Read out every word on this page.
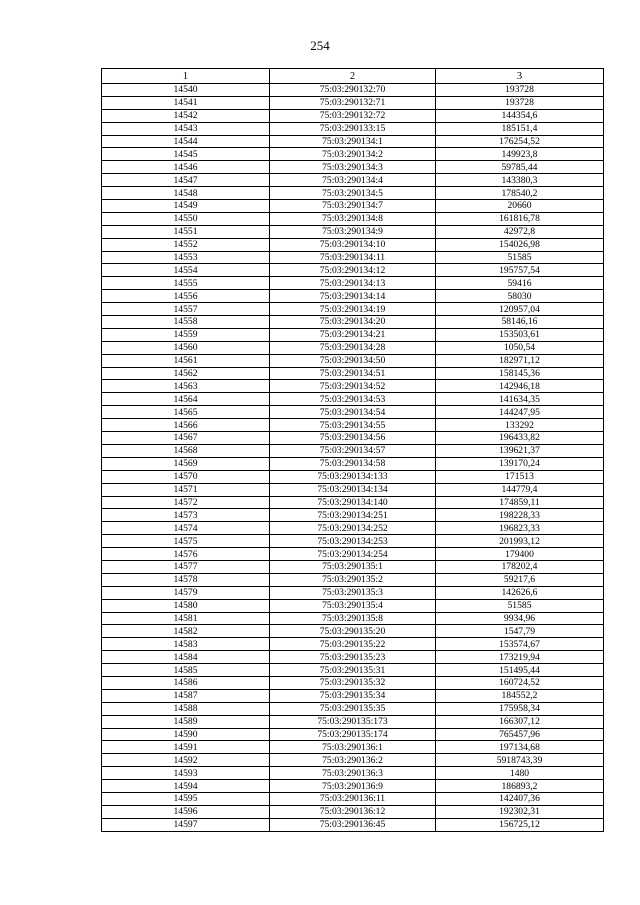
254
1	2	3
14540	75:03:290132:70	193728
14541	75:03:290132:71	193728
14542	75:03:290132:72	144354,6
14543	75:03:290133:15	185151,4
14544	75:03:290134:1	176254,52
14545	75:03:290134:2	149923,8
14546	75:03:290134:3	59785,44
14547	75:03:290134:4	143380,3
14548	75:03:290134:5	178540,2
14549	75:03:290134:7	20660
14550	75:03:290134:8	161816,78
14551	75:03:290134:9	42972,8
14552	75:03:290134:10	154026,98
14553	75:03:290134:11	51585
14554	75:03:290134:12	195757,54
14555	75:03:290134:13	59416
14556	75:03:290134:14	58030
14557	75:03:290134:19	120957,04
14558	75:03:290134:20	58146,16
14559	75:03:290134:21	153503,61
14560	75:03:290134:28	1050,54
14561	75:03:290134:50	182971,12
14562	75:03:290134:51	158145,36
14563	75:03:290134:52	142946,18
14564	75:03:290134:53	141634,35
14565	75:03:290134:54	144247,95
14566	75:03:290134:55	133292
14567	75:03:290134:56	196433,82
14568	75:03:290134:57	139621,37
14569	75:03:290134:58	139170,24
14570	75:03:290134:133	171513
14571	75:03:290134:134	144779,4
14572	75:03:290134:140	174859,11
14573	75:03:290134:251	198228,33
14574	75:03:290134:252	196823,33
14575	75:03:290134:253	201993,12
14576	75:03:290134:254	179400
14577	75:03:290135:1	178202,4
14578	75:03:290135:2	59217,6
14579	75:03:290135:3	142626,6
14580	75:03:290135:4	51585
14581	75:03:290135:8	9934,96
14582	75:03:290135:20	1547,79
14583	75:03:290135:22	153574,67
14584	75:03:290135:23	173219,94
14585	75:03:290135:31	151495,44
14586	75:03:290135:32	160724,52
14587	75:03:290135:34	184552,2
14588	75:03:290135:35	175958,34
14589	75:03:290135:173	166307,12
14590	75:03:290135:174	765457,96
14591	75:03:290136:1	197134,68
14592	75:03:290136:2	5918743,39
14593	75:03:290136:3	1480
14594	75:03:290136:9	186893,2
14595	75:03:290136:11	142407,36
14596	75:03:290136:12	192302,31
14597	75:03:290136:45	156725,12
